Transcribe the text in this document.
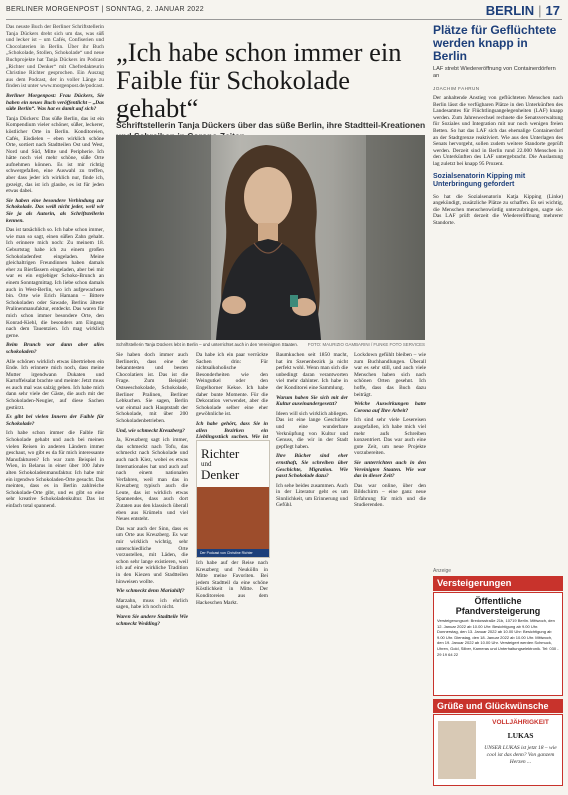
BERLINER MORGENPOST | SONNTAG, 2. JANUAR 2022	BERLIN | 17

Das neuste Buch der Berliner Schriftstellerin Tanja Dückers dreht sich um das, was süß und lecker ist – um Cafés, Confiserien und Chocolaterien in Berlin. Über ihr Buch „Schokolade, Stollen, Schokolade“ und neue Buchprojekte hat Tanja Dückers im Podcast „Richter und Denker“ mit Chefredakteurin Christine Richter gesprochen. Ein Auszug aus dem Podcast, der in voller Länge zu finden ist unter www.morgenpost.de/podcast.

Berliner Morgenpost: Frau Dückers, Sie haben ein neues Buch veröffentlicht – „Das süße Berlin“. Was hat es damit auf sich?

Tanja Dückers: Das süße Berlin, das ist ein Kompendium vieler schöner, süßer, leckerer, köstlicher Orte in Berlin. Konditoreien, Cafés, Eisdielen – eben wirklich schöne Orte, sortiert nach Stadtteilen Ost und West, Nord und Süd, Mitte und Peripherie. Ich hätte noch viel mehr schöne, süße Orte aufnehmen können. Es ist mir richtig schwergefallen, eine Auswahl zu treffen, aber dass jeder ich wirklich nur, finde ich, gezeigt, das ist ich glaube, es ist für jeden etwas dabei.

Sie haben eine besondere Verbindung zur Schokolade. Das weiß nicht jeder, weil wir Sie ja als Autorin, als Schriftstellerin kennen.

Das ist tatsächlich so. Ich habe schon immer, wie man so sagt, einen süßen Zahn gehabt. Ich erinnere mich noch: Zu meinem 18. Geburtstag habe ich zu einem großen Schokoladenfest eingeladen. Meine gleichaltrigen Freundinnen haben damals eher zu Bierfässern eingeladen, aber bei mir war es ein ergiebiger Schoko-Brunch an einem Sonntagmittag. Ich liebe schon damals auch in West-Berlin, wo ich aufgewachsen bin. Orte wie Erich Hamann – Bittere Schokoladen oder Sawade, Berlins älteste Pralinenmanufaktur, entdeckt. Das waren für mich schon immer besondere Orte, den Konrad-Kiehl, die besonders am Eingang nach dem Tauentzien. Ich mag wirklich gerne.

Beim Brunch war dann aber alles schokoladen?

Alle schönen wirklich etwas übertrieben ein Ende. Ich erinnere mich noch, dass meine Mutter irgendwann Dukaten und Kartoffelsalat brachte und meinte: Jetzt muss es auch mal was salzig geben. Ich habe mich dann sehr viele der Gäste, die auch mit der Schokoladen-Neugier, auf diese Sachen gestürzt.

Es gibt bei vielen Innern der Faible für Schokolade?

Ich habe schon immer die Faible für Schokolade gehabt und auch bei meinen vielen Reisen in anderen Ländern immer geschaut, wo gibt es da für mich interessante Manufakturen? Ich war zum Beispiel in Wien, in Belarus in einer über 100 Jahre alten Schokoladenmanufaktur. Ich habe mir ein irgendwo Schokoladen-Orte gesucht. Das meinten, dass es in Berlin zahlreiche Schokolade-Orte gibt, und es gibt so eine sehr kreative Schokoladenkultur. Das ist einfach total spannend.

„Ich habe schon immer ein Faible für Schokolade gehabt“
Schriftstellerin Tanja Dückers über das süße Berlin, ihre Stadtteil-Kreationen
Schriftstellerin Tanja Dückers lebt in Berlin – und unterrichtet auch in den Vereinigten Staaten. FOTO: MAURIZIO GAMBARINI / FUNKE FOTO SERVICES

Sie haben doch immer auch Berlinerin, dass eine der bekanntesten und besten Chocolatiers ist. Das ist die Frage. Zum Beispiel: Ostseeschokolade, Schokolade, Berliner Pralinen, Berliner Lebkuchen. Sie sagen, Berlin war einmal auch Hauptstadt der Schokolade, mit über 200 Schokoladenbetrieben.

Und, wie schmeckt Kreuzberg?

Ja, Kreuzberg sagt ich immer, das schmeckt nach Tofu, das schmeckt nach Schokolade und auch nach Kiez, wobei es etwas Internationales hat und auch auf nach einem nationalen Verfahren, weil man das in Kreuzberg typisch auch die Leute, das ist wirklich etwas Spannendes, dass auch dort Zutaten aus den klassisch überall eben aus Krümeln und viel Neues entsteht.

Das war auch der Sinn, dass es um Orte aus Kreuzberg. Es war mir wirklich wichtig, sehr unterschiedliche Orte vorzustellen, mit Läden, die schon sehr lange existieren, weil ich auf eine wirkliche Tradition in den Kiezen und Stadtteilen hinweisen wollte.

Wie schmeckt denn Mariahilf?

Marzahn, muss ich ehrlich sagen, habe ich noch nicht.

Waren Sie andere Stadtteile Wie schmeckt Wedding?

Da habe ich ein paar verrückte Sachen drin: Für nichtsalkoholische Besonderheiten wie den Weingutkel oder den Engelhorner Kekse. Ich habe daher bunte Momente. Für die Dekoration verwendet, aber die Schokolade selber eine eher gewöhnliche ist.

Ich habe gehört, dass Sie in allen Bezirken ein Lieblingsstück suchen. Wie ist

Richter
und
Denker
Der Podcast von Christine Richter

Ich habe auf der Reise nach Kreuzberg und Neukölln in Mitte meine Favoriten. Bei jedem Stadtteil da eine schöne Köstlichkeit in Mitte. Der Konditoreien aus dem Hackeschen Markt.

Baumkuchen seit 1850 macht, hat im Szenenbezirk ja nicht perfekt wohl. Wenn man sich die unbedingt daran verantworten viel mehr dahinter. Ich habe in der Konditorei eine Sammlung.

Warum haben Sie sich mit der Kultur auseinandergesetzt?

Ideen will sich wirklich abliegen. Das ist eine lange Geschichte und eine wunderbare Verknüpfung von Kultur und Genuss, die wir in der Stadt gepflegt haben.

Ihre Bücher sind eher ernsthaft, Sie schreiben über Geschichte, Migration. Wie passt Schokolade dazu?

Ich sehe beides zusammen. Auch in der Literatur geht es um Sinnlichkeit, um Erinnerung und Gefühl.

Lockdown gefühlt bleiben – wie zum Buchhandlungen. Überall war es sehr still, und auch viele Menschen haben sich nach schönen Orten gesehnt. Ich hoffe, dass das Buch dazu beiträgt.

Welche Auswirkungen hatte Corona auf Ihre Arbeit?

Ich sind sehr viele Lesereisen ausgefallen, ich habe mich viel mehr aufs Schreiben konzentriert. Das war auch eine gute Zeit, um neue Projekte vorzubereiten.

Sie unterrichten auch in den Vereinigten Staaten. Wie war das in dieser Zeit?

Das war online, über den Bildschirm – eine ganz neue Erfahrung für mich und die Studierenden.

Plätze für Geflüchtete werden knapp in Berlin
LAF strebt Wiedereröffnung von Containerdörfern an
JOACHIM FAHRUN

Der anhaltende Anstieg von geflüchteten Menschen nach Berlin lässt die verfügbaren Plätze in den Unterkünften des Landesamtes für Flüchtlingsangelegenheiten (LAF) knapp werden. Zum Jahreswechsel rechnete die Senatsverwaltung für Soziales und Integration mit nur noch wenigen freien Betten. So hat das LAF sich das ehemalige Containerdorf an der Stadtgrenze reaktiviert. Wie aus den Unterlagen des Senats hervorgeht, sollen zudem weitere Standorte geprüft werden. Derzeit sind in Berlin rund 22.000 Menschen in den Unterkünften des LAF untergebracht. Die Auslastung lag zuletzt bei knapp 95 Prozent.

Sozialsenatorin Kipping mit Unterbringung gefordert

So hat die Sozialsenatorin Katja Kipping (Linke) angekündigt, zusätzliche Plätze zu schaffen. Es sei wichtig, die Menschen menschenwürdig unterzubringen, sagte sie. Das LAF prüft derzeit die Wiedereröffnung mehrerer Standorte.

Anzeige
Versteigerungen
Öffentliche Pfandversteigerung
Versteigerungsort: Bredowstraße 21b, 10719 Berlin. Mittwoch, den 12. Januar 2022 ab 10.00 Uhr: Besichtigung ab 9.00 Uhr. Donnerstag, den 13. Januar 2022 ab 10.00 Uhr: Besichtigung ab 9.00 Uhr. Dienstag, den 18. Januar 2022 ab 10.00 Uhr. Mittwoch, den 19. Januar 2022 ab 10.00 Uhr. Versteigert werden Schmuck, Uhren, Gold, Silber, Kameras und Unterhaltungselektronik. Tel: 030 - 29 19 64 22
Grüße und Glückwünsche
VOLLJÄHRIGKEIT
LUKAS
UNSER LUKAS ist jetzt 18 – wie cool ist das denn? Von ganzem Herzen ...
